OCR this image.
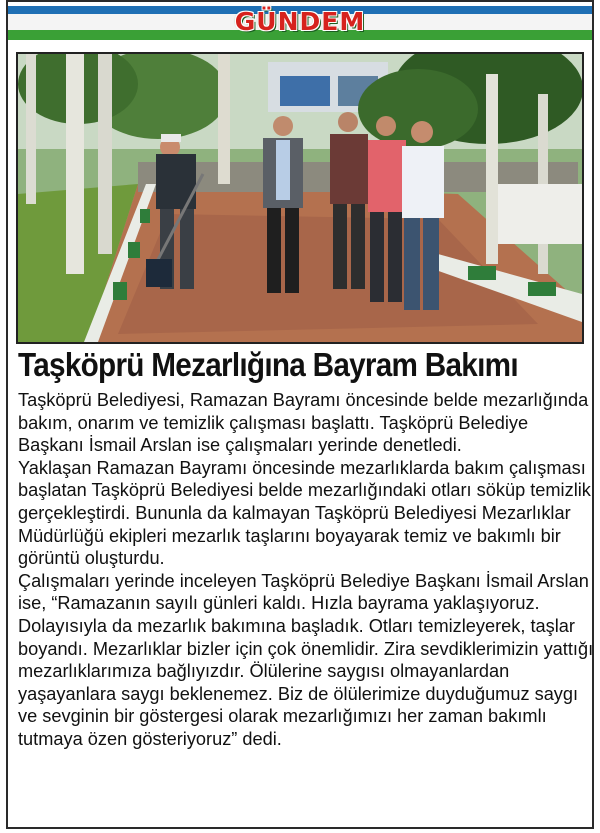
GÜNDEM
Taşköprü Mezarlığına Bayram Bakımı

Taşköprü Belediyesi, Ramazan Bayramı öncesinde belde mezarlığında bakım, onarım ve temizlik çalışması başlattı. Taşköprü Belediye Başkanı İsmail Arslan ise çalışmaları yerinde denetledi.

Yaklaşan Ramazan Bayramı öncesinde mezarlıklarda bakım çalışması başlatan Taşköprü Belediyesi belde mezarlığındaki otları söküp temizlik gerçekleştirdi. Bununla da kalmayan Taşköprü Belediyesi Mezarlıklar Müdürlüğü ekipleri mezarlık taşlarını boyayarak temiz ve bakımlı bir görüntü oluşturdu.

Çalışmaları yerinde inceleyen Taşköprü Belediye Başkanı İsmail Arslan ise, “Ramazanın sayılı günleri kaldı. Hızla bayrama yaklaşıyoruz. Dolayısıyla da mezarlık bakımına başladık. Otları temizleyerek, taşlar boyandı. Mezarlıklar bizler için çok önemlidir. Zira sevdiklerimizin yattığı mezarlıklarımıza bağlıyızdır. Ölülerine saygısı olmayanlardan yaşayanlara saygı beklenemez. Biz de ölülerimize duyduğumuz saygı ve sevginin bir göstergesi olarak mezarlığımızı her zaman bakımlı tutmaya özen gösteriyoruz” dedi.
